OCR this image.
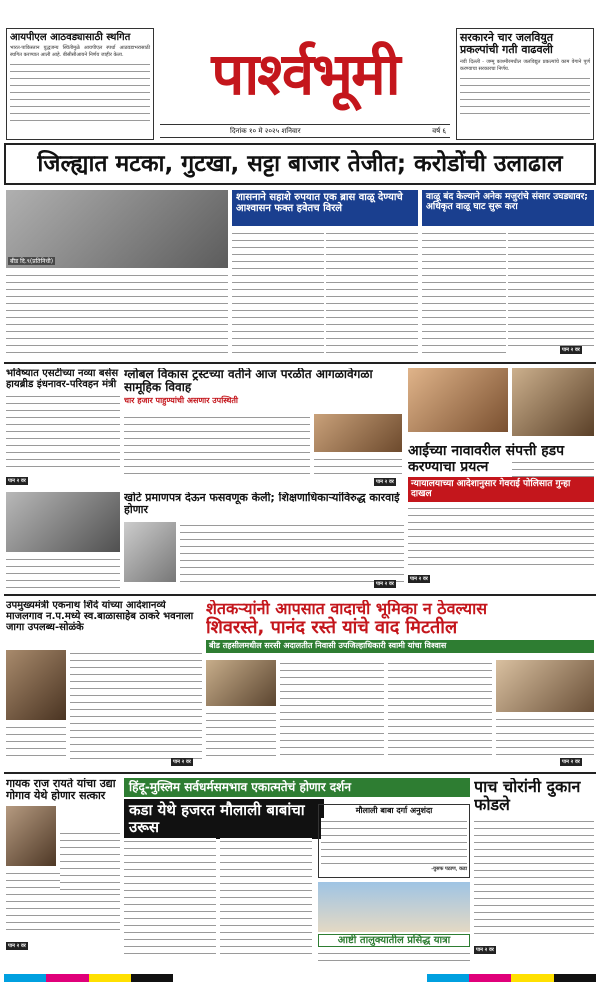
आयपीएल आठवड्यासाठी स्थगित
भारत-पाकिस्तान युद्धजन्य स्थितीमुळे आयपीएल स्पर्धा आठवडाभरासाठी स्थगित करण्यात आली आहे. बीसीसीआयने निर्णय जाहीर केला.	पार्श्वभूमी
सरकारने चार जलवियुत
प्रकल्पांची गती वाढवली
नवी दिल्ली - जम्मू काश्मीरमधील जलविद्युत प्रकल्पांचे काम वेगाने पूर्ण करण्याचा सरकारचा निर्णय.
दिनांक १० मे २०२५ शनिवार	वर्ष ६
जिल्ह्यात मटका, गुटखा, सट्टा बाजार तेजीत; करोडोंची उलाढाल
बीड दि.९(प्रतिनिधी)
शासनाने सहाशे रुपयात एक ब्रास वाळू देण्याचे आश्वासन फक्त हवेतच विरले
वाळू बंद केल्याने अनेक मजुरांचे संसार उघड्यावर; अधिकृत वाळू घाट सुरू करा
पान २ वर
भविष्यात एसटीच्या नव्या बसेस हायब्रीड इंधनावर-परिवहन मंत्री
पान २ वर
ग्लोबल विकास ट्रस्टच्या वतीने आज परळीत आगळावेगळा सामूहिक विवाह
चार हजार पाहुण्यांची असणार उपस्थिती
पान २ वर
आईच्या नावावरील संपत्ती हडप
करण्याचा प्रयत्न
न्यायालयाच्या आदेशानुसार गेवराई पोलिसात गुन्हा दाखल
पान २ वर
खोटे प्रमाणपत्र देऊन फसवणूक केली; शिक्षणाधिकाऱ्यांविरुद्ध कारवाई होणार
पान २ वर
उपमुख्यमंत्री एकनाथ शिंदे यांच्या आदेशानव्ये माजलगाव न.प.मध्ये स्व.बाळासाहेब ठाकरे भवनाला जागा उपलब्ध-सोळंके
पान २ वर
शेतकऱ्यांनी आपसात वादाची भूमिका न ठेवल्यास
शिवरस्ते, पानंद रस्ते यांचे वाद मिटतील
बीड तहसीलमधील सरसी अदालतीत निवासी उपजिल्हाधिकारी स्वामी यांचा विश्वास
पान २ वर
गायक राज रायते यांचा उद्या गोगाव येथे होणार सत्कार
पान २ वर
हिंदू-मुस्लिम सर्वधर्मसमभाव एकात्मतेचं होणार दर्शन
कडा येथे हजरत मौलाली बाबांचा उरूस
मौलाली बाबा दर्गा अनुशंदा
-युसफ पठाण, कडा
आष्टी तालुक्यातील प्रसिद्ध यात्रा
पाच चोरांनी दुकान फोडले
पान २ वर
